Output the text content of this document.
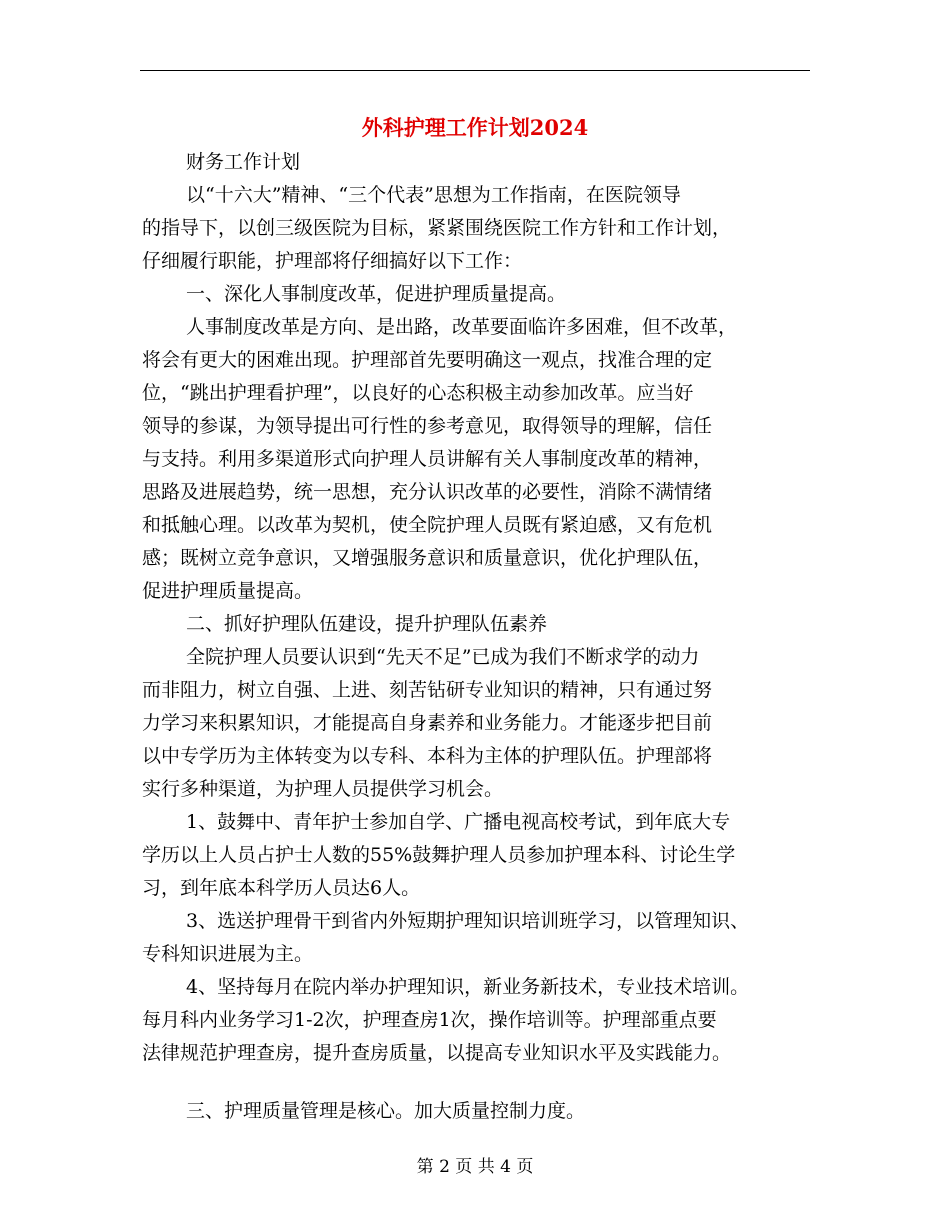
外科护理工作计划2024
财务工作计划
以“十六大”精神、“三个代表”思想为工作指南，在医院领导
的指导下，以创三级医院为目标，紧紧围绕医院工作方针和工作计划，
仔细履行职能，护理部将仔细搞好以下工作：
一、深化人事制度改革，促进护理质量提高。
人事制度改革是方向、是出路，改革要面临许多困难，但不改革，
将会有更大的困难出现。护理部首先要明确这一观点，找准合理的定
位，“跳出护理看护理”，以良好的心态积极主动参加改革。应当好
领导的参谋，为领导提出可行性的参考意见，取得领导的理解，信任
与支持。利用多渠道形式向护理人员讲解有关人事制度改革的精神，
思路及进展趋势，统一思想，充分认识改革的必要性，消除不满情绪
和抵触心理。以改革为契机，使全院护理人员既有紧迫感，又有危机
感；既树立竞争意识，又增强服务意识和质量意识，优化护理队伍，
促进护理质量提高。
二、抓好护理队伍建设，提升护理队伍素养
全院护理人员要认识到“先天不足”已成为我们不断求学的动力
而非阻力，树立自强、上进、刻苦钻研专业知识的精神，只有通过努
力学习来积累知识，才能提高自身素养和业务能力。才能逐步把目前
以中专学历为主体转变为以专科、本科为主体的护理队伍。护理部将
实行多种渠道，为护理人员提供学习机会。
1、鼓舞中、青年护士参加自学、广播电视高校考试，到年底大专
学历以上人员占护士人数的55%鼓舞护理人员参加护理本科、讨论生学
习，到年底本科学历人员达6人。
3、选送护理骨干到省内外短期护理知识培训班学习，以管理知识、
专科知识进展为主。
4、坚持每月在院内举办护理知识，新业务新技术，专业技术培训。
每月科内业务学习1-2次，护理查房1次，操作培训等。护理部重点要
法律规范护理查房，提升查房质量，以提高专业知识水平及实践能力。
三、护理质量管理是核心。加大质量控制力度。
第 2 页 共 4 页
